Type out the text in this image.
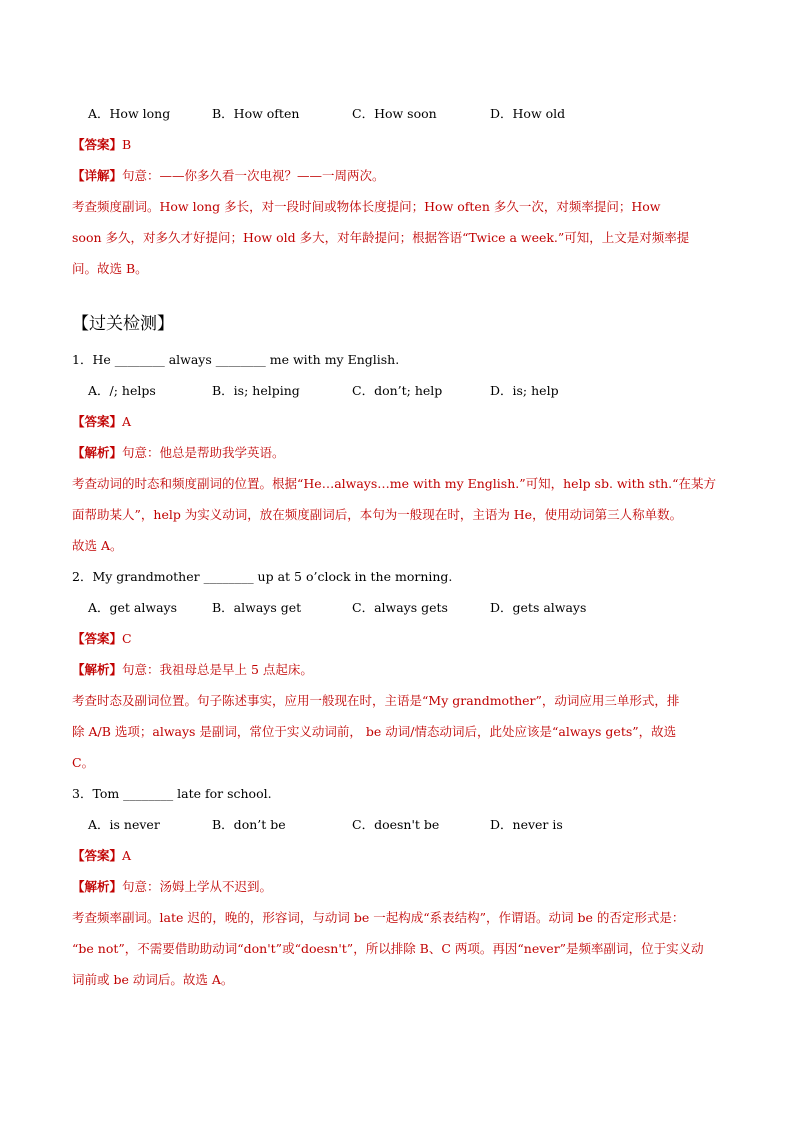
A．How long	B．How often	C．How soon	D．How old
【答案】B
【详解】句意：——你多久看一次电视？——一周两次。
考查频度副词。How long 多长，对一段时间或物体长度提问；How often 多久一次，对频率提问；How
soon 多久，对多久才好提问；How old 多大，对年龄提问；根据答语“Twice a week.”可知，上文是对频率提
问。故选 B。
【过关检测】
1．He ________ always ________ me with my English.
A．/; helps	B．is; helping	C．don’t; help	D．is; help
【答案】A
【解析】句意：他总是帮助我学英语。
考查动词的时态和频度副词的位置。根据“He…always…me with my English.”可知，help sb. with sth.“在某方
面帮助某人”，help 为实义动词，放在频度副词后，本句为一般现在时，主语为 He，使用动词第三人称单数。
故选 A。
2．My grandmother ________ up at 5 o’clock in the morning.
A．get always	B．always get	C．always gets	D．gets always
【答案】C
【解析】句意：我祖母总是早上 5 点起床。
考查时态及副词位置。句子陈述事实，应用一般现在时，主语是“My grandmother”，动词应用三单形式，排
除 A/B 选项；always 是副词，常位于实义动词前， be 动词/情态动词后，此处应该是“always gets”，故选
C。
3．Tom ________ late for school.
A．is never	B．don’t be	C．doesn't be	D．never is
【答案】A
【解析】句意：汤姆上学从不迟到。
考查频率副词。late 迟的，晚的，形容词，与动词 be 一起构成“系表结构”，作谓语。动词 be 的否定形式是：
“be not”，不需要借助助动词“don't”或“doesn't”，所以排除 B、C 两项。再因“never”是频率副词，位于实义动
词前或 be 动词后。故选 A。
